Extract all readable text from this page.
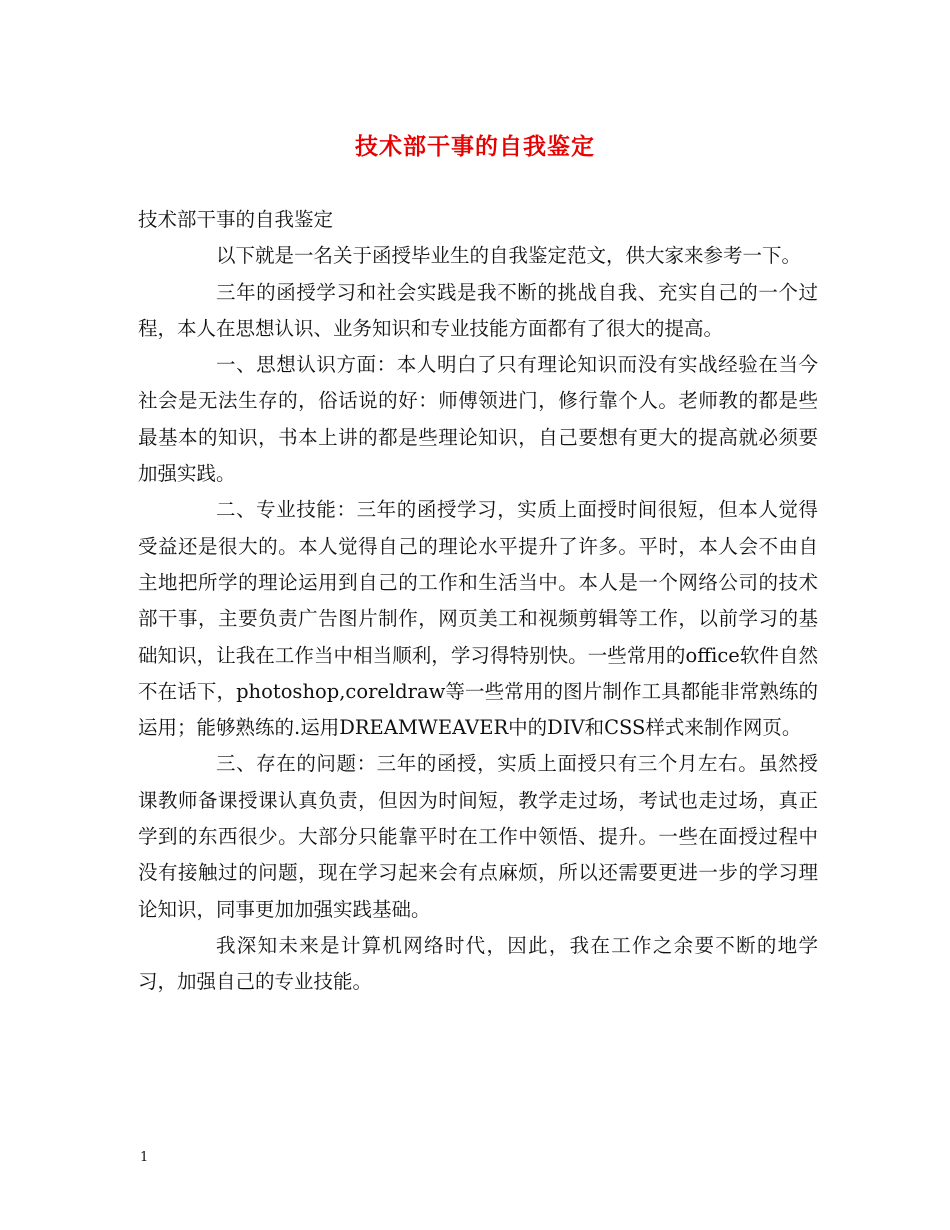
技术部干事的自我鉴定

技术部干事的自我鉴定

以下就是一名关于函授毕业生的自我鉴定范文，供大家来参考一下。

三年的函授学习和社会实践是我不断的挑战自我、充实自己的一个过程，本人在思想认识、业务知识和专业技能方面都有了很大的提高。

一、思想认识方面：本人明白了只有理论知识而没有实战经验在当今社会是无法生存的，俗话说的好：师傅领进门，修行靠个人。老师教的都是些最基本的知识，书本上讲的都是些理论知识，自己要想有更大的提高就必须要加强实践。

二、专业技能：三年的函授学习，实质上面授时间很短，但本人觉得受益还是很大的。本人觉得自己的理论水平提升了许多。平时，本人会不由自主地把所学的理论运用到自己的工作和生活当中。本人是一个网络公司的技术部干事，主要负责广告图片制作，网页美工和视频剪辑等工作，以前学习的基础知识，让我在工作当中相当顺利，学习得特别快。一些常用的office软件自然不在话下，photoshop,coreldraw等一些常用的图片制作工具都能非常熟练的运用；能够熟练的.运用DREAMWEAVER中的DIV和CSS样式来制作网页。

三、存在的问题：三年的函授，实质上面授只有三个月左右。虽然授课教师备课授课认真负责，但因为时间短，教学走过场，考试也走过场，真正学到的东西很少。大部分只能靠平时在工作中领悟、提升。一些在面授过程中没有接触过的问题，现在学习起来会有点麻烦，所以还需要更进一步的学习理论知识，同事更加加强实践基础。

我深知未来是计算机网络时代，因此，我在工作之余要不断的地学习，加强自己的专业技能。

1
